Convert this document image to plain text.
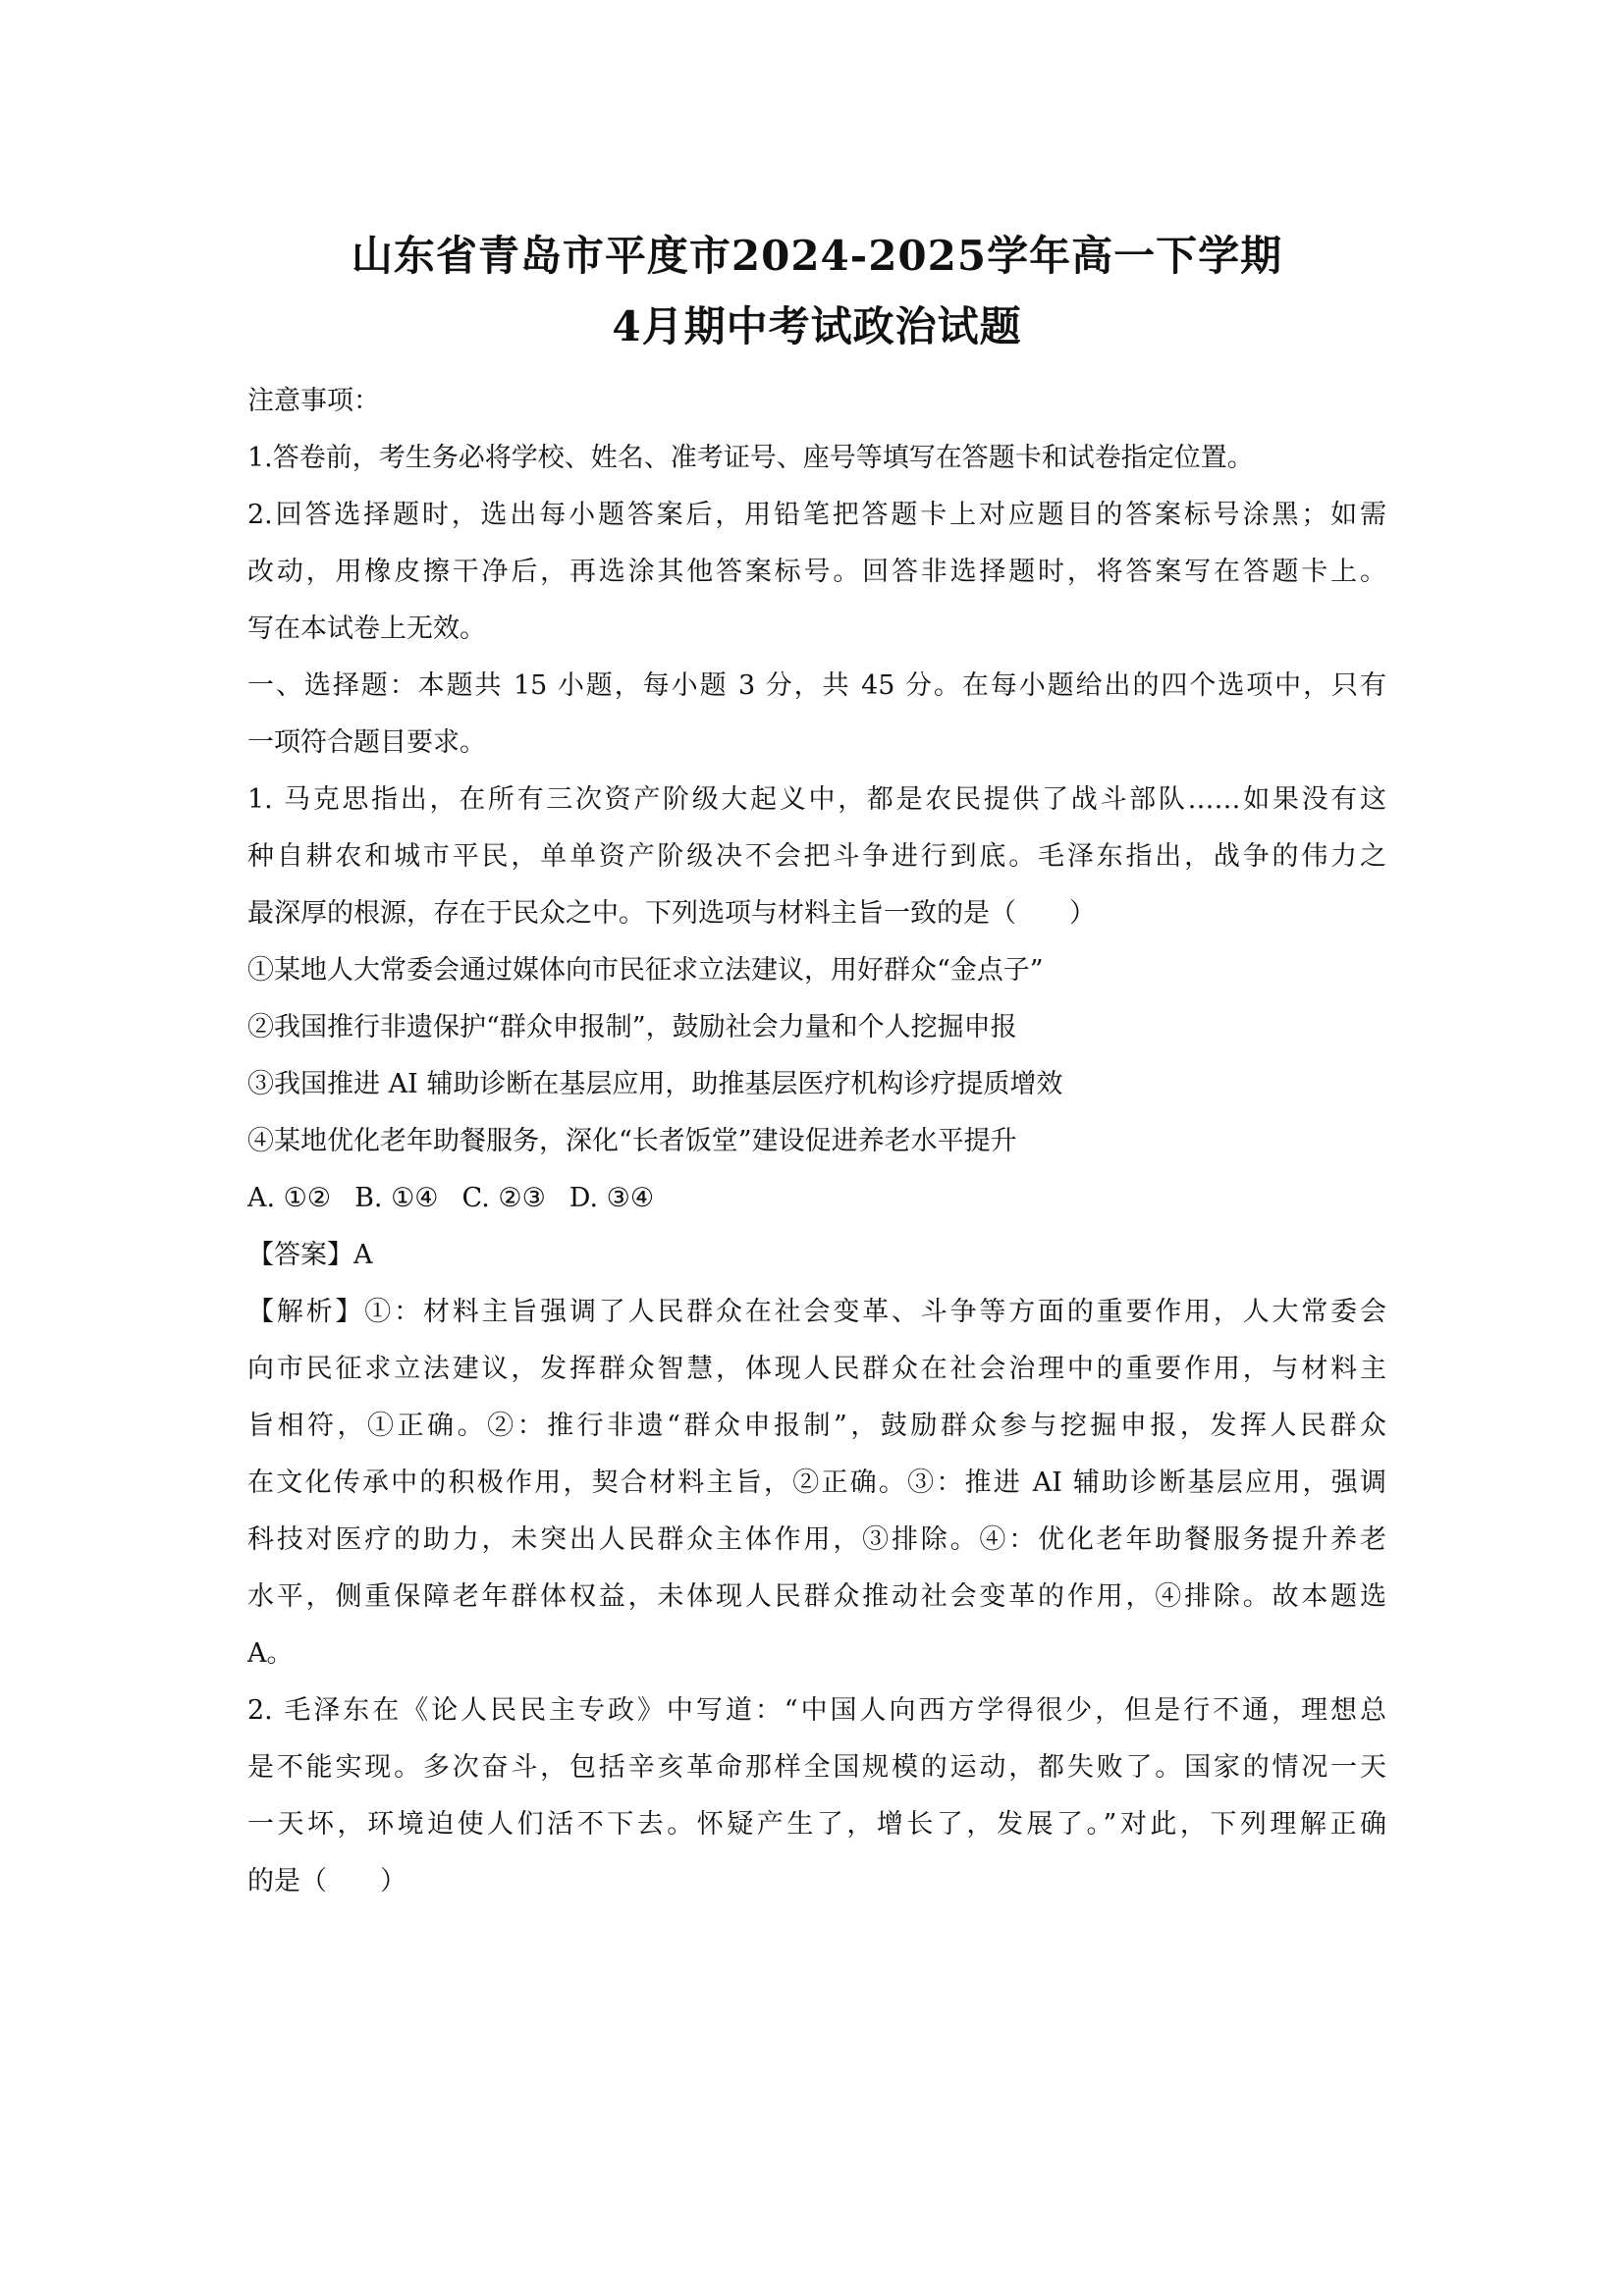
山东省青岛市平度市2024-2025学年高一下学期

4月期中考试政治试题

注意事项：

1.答卷前，考生务必将学校、姓名、准考证号、座号等填写在答题卡和试卷指定位置。

2.回答选择题时，选出每小题答案后，用铅笔把答题卡上对应题目的答案标号涂黑；如需

改动，用橡皮擦干净后，再选涂其他答案标号。回答非选择题时，将答案写在答题卡上。

写在本试卷上无效。

一、选择题：本题共 15 小题，每小题 3 分，共 45 分。在每小题给出的四个选项中，只有

一项符合题目要求。

1. 马克思指出，在所有三次资产阶级大起义中，都是农民提供了战斗部队……如果没有这

种自耕农和城市平民，单单资产阶级决不会把斗争进行到底。毛泽东指出，战争的伟力之

最深厚的根源，存在于民众之中。下列选项与材料主旨一致的是（　　）

①某地人大常委会通过媒体向市民征求立法建议，用好群众“金点子”

②我国推行非遗保护“群众申报制”，鼓励社会力量和个人挖掘申报

③我国推进 AI 辅助诊断在基层应用，助推基层医疗机构诊疗提质增效

④某地优化老年助餐服务，深化“长者饭堂”建设促进养老水平提升

A. ①② B. ①④ C. ②③ D. ③④

【答案】A

【解析】①：材料主旨强调了人民群众在社会变革、斗争等方面的重要作用，人大常委会

向市民征求立法建议，发挥群众智慧，体现人民群众在社会治理中的重要作用，与材料主

旨相符，①正确。②：推行非遗“群众申报制”，鼓励群众参与挖掘申报，发挥人民群众

在文化传承中的积极作用，契合材料主旨，②正确。③：推进 AI 辅助诊断基层应用，强调

科技对医疗的助力，未突出人民群众主体作用，③排除。④：优化老年助餐服务提升养老

水平，侧重保障老年群体权益，未体现人民群众推动社会变革的作用，④排除。故本题选

A。

2. 毛泽东在《论人民民主专政》中写道：“中国人向西方学得很少，但是行不通，理想总

是不能实现。多次奋斗，包括辛亥革命那样全国规模的运动，都失败了。国家的情况一天

一天坏，环境迫使人们活不下去。怀疑产生了，增长了，发展了。”对此，下列理解正确

的是（　　）
